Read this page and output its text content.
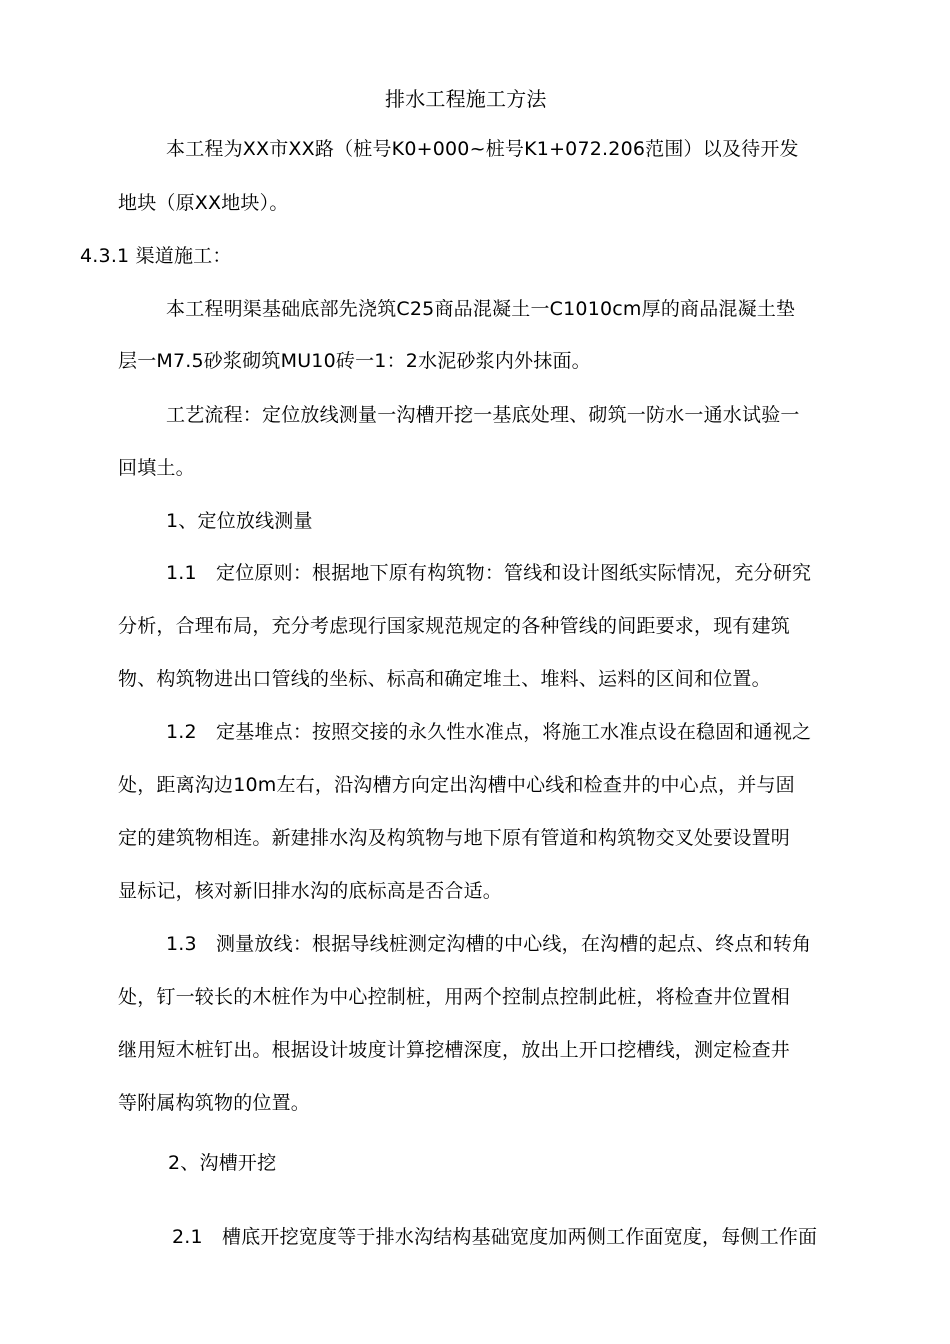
排水工程施工方法
本工程为XX市XX路（桩号K0+000~桩号K1+072.206范围）以及待开发
地块（原XX地块）。
4.3.1 渠道施工：
本工程明渠基础底部先浇筑C25商品混凝土一C1010cm厚的商品混凝土垫
层一M7.5砂浆砌筑MU10砖一1：2水泥砂浆内外抹面。
工艺流程：定位放线测量一沟槽开挖一基底处理、砌筑一防水一通水试验一
回填土。
1、定位放线测量
1.1　定位原则：根据地下原有构筑物：管线和设计图纸实际情况，充分研究
分析，合理布局，充分考虑现行国家规范规定的各种管线的间距要求，现有建筑
物、构筑物进出口管线的坐标、标高和确定堆土、堆料、运料的区间和位置。
1.2　定基堆点：按照交接的永久性水准点，将施工水准点设在稳固和通视之
处，距离沟边10m左右，沿沟槽方向定出沟槽中心线和检查井的中心点，并与固
定的建筑物相连。新建排水沟及构筑物与地下原有管道和构筑物交叉处要设置明
显标记，核对新旧排水沟的底标高是否合适。
1.3　测量放线：根据导线桩测定沟槽的中心线，在沟槽的起点、终点和转角
处，钉一较长的木桩作为中心控制桩，用两个控制点控制此桩，将检查井位置相
继用短木桩钉出。根据设计坡度计算挖槽深度，放出上开口挖槽线，测定检查井
等附属构筑物的位置。
2、沟槽开挖
2.1　槽底开挖宽度等于排水沟结构基础宽度加两侧工作面宽度，每侧工作面
